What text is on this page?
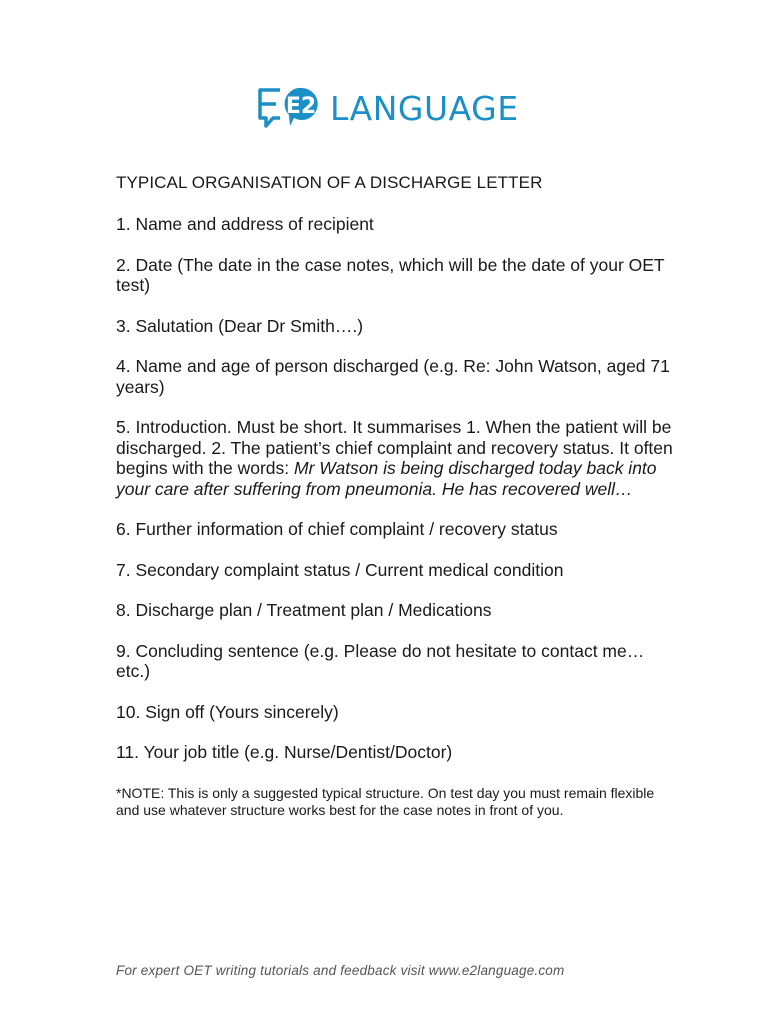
E2 LANGUAGE
TYPICAL ORGANISATION OF A DISCHARGE LETTER
1. Name and address of recipient
2. Date (The date in the case notes, which will be the date of your OET test)
3. Salutation (Dear Dr Smith….)
4. Name and age of person discharged (e.g. Re: John Watson, aged 71 years)
5. Introduction. Must be short. It summarises 1. When the patient will be discharged. 2. The patient’s chief complaint and recovery status. It often begins with the words: Mr Watson is being discharged today back into your care after suffering from pneumonia. He has recovered well…
6. Further information of chief complaint / recovery status
7. Secondary complaint status / Current medical condition
8. Discharge plan / Treatment plan / Medications
9. Concluding sentence (e.g. Please do not hesitate to contact me… etc.)
10. Sign off (Yours sincerely)
11. Your job title (e.g. Nurse/Dentist/Doctor)
*NOTE: This is only a suggested typical structure. On test day you must remain flexible and use whatever structure works best for the case notes in front of you.
For expert OET writing tutorials and feedback visit www.e2language.com
